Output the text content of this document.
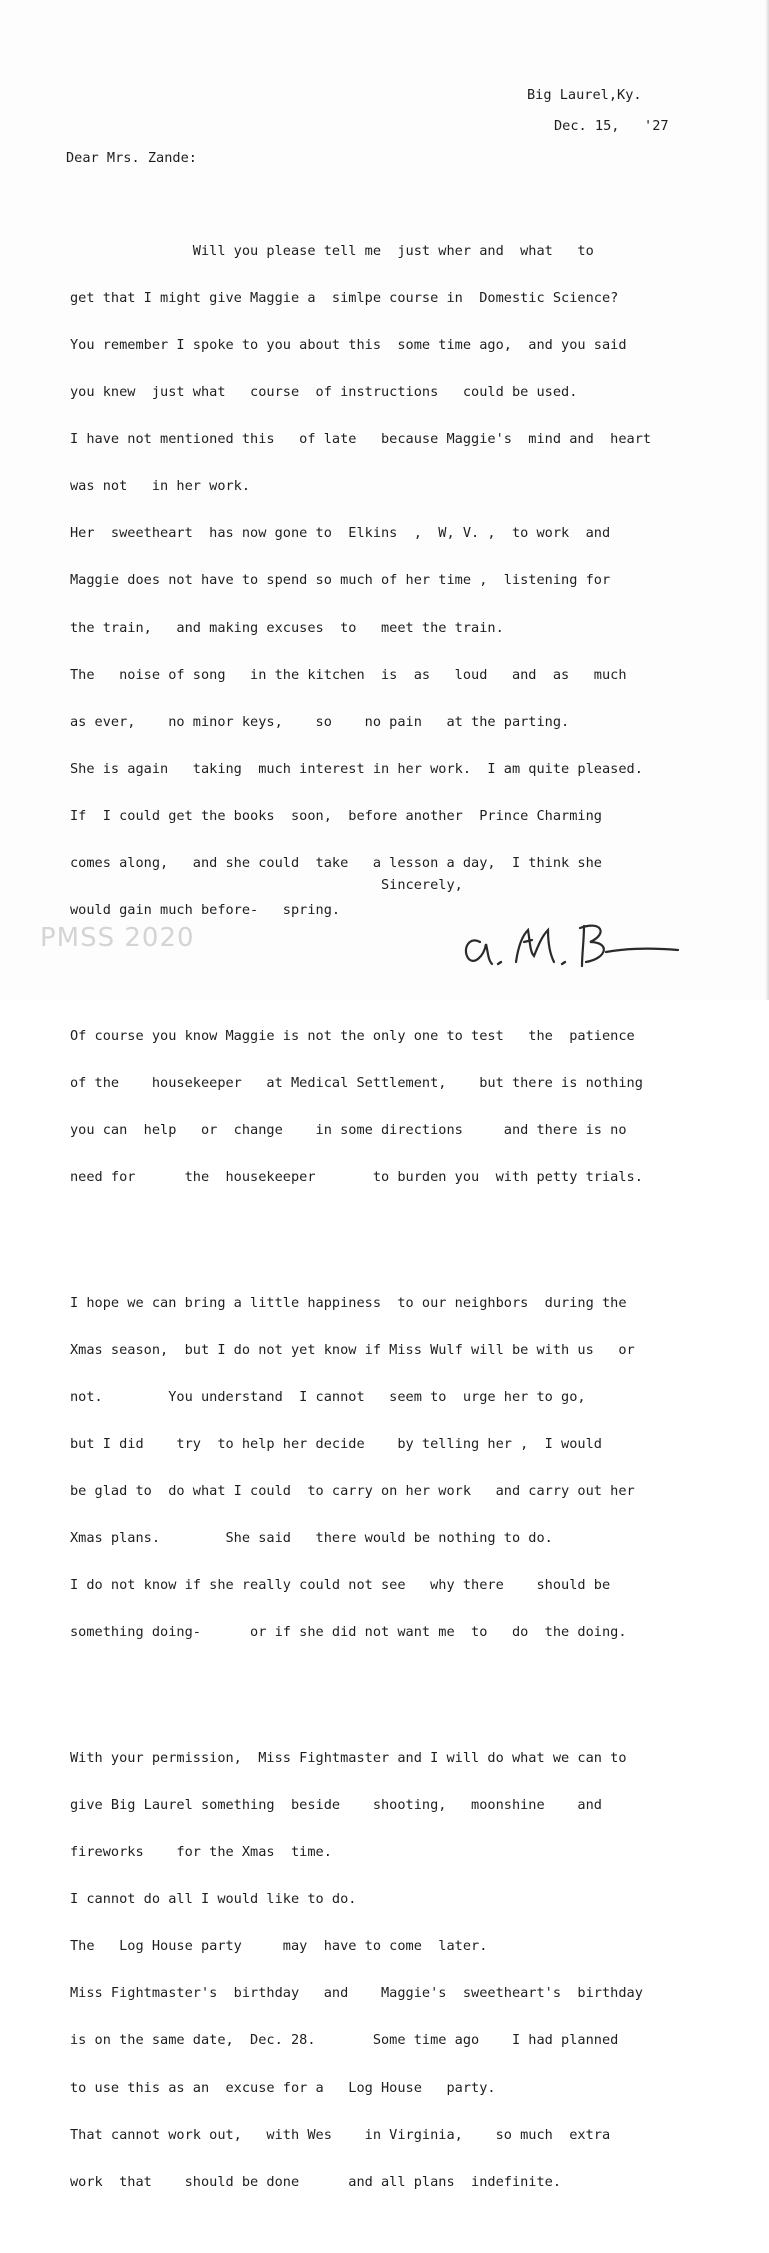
Big Laurel,Ky.
Dec. 15,   '27
Dear Mrs. Zande:

Will you please tell me  just wher and  what   to

get that I might give Maggie a  simlpe course in  Domestic Science?

You remember I spoke to you about this  some time ago,  and you said

you knew  just what   course  of instructions   could be used.

I have not mentioned this   of late   because Maggie's  mind and  heart

was not   in her work.

Her  sweetheart  has now gone to  Elkins  ,  W, V. ,  to work  and

Maggie does not have to spend so much of her time ,  listening for

the train,   and making excuses  to   meet the train.

The   noise of song   in the kitchen  is  as   loud   and  as   much

as ever,    no minor keys,    so    no pain   at the parting.

She is again   taking  much interest in her work.  I am quite pleased.

If  I could get the books  soon,  before another  Prince Charming

comes along,   and she could  take   a lesson a day,  I think she

would gain much before-   spring.

Of course you know Maggie is not the only one to test   the  patience

of the    housekeeper   at Medical Settlement,    but there is nothing

you can  help   or  change    in some directions     and there is no

need for      the  housekeeper       to burden you  with petty trials.

I hope we can bring a little happiness  to our neighbors  during the

Xmas season,  but I do not yet know if Miss Wulf will be with us   or

not.        You understand  I cannot   seem to  urge her to go,

but I did    try  to help her decide    by telling her ,  I would

be glad to  do what I could  to carry on her work   and carry out her

Xmas plans.        She said   there would be nothing to do.

I do not know if she really could not see   why there    should be

something doing-      or if she did not want me  to   do  the doing.

With your permission,  Miss Fightmaster and I will do what we can to

give Big Laurel something  beside    shooting,   moonshine    and

fireworks    for the Xmas  time.

I cannot do all I would like to do.

The   Log House party     may  have to come  later.

Miss Fightmaster's  birthday   and    Maggie's  sweetheart's  birthday

is on the same date,  Dec. 28.       Some time ago    I had planned

to use this as an  excuse for a   Log House   party.

That cannot work out,   with Wes    in Virginia,    so much  extra

work  that    should be done      and all plans  indefinite.

Sincerely,
PMSS 2020
